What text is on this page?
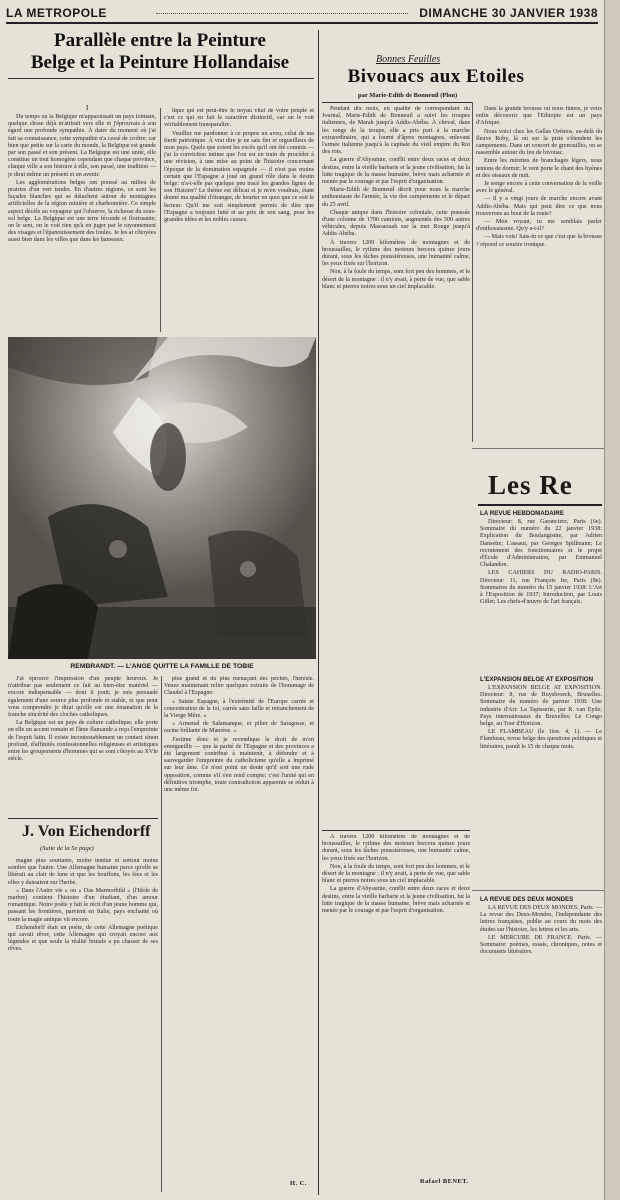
LA METROPOLE	DIMANCHE 30 JANVIER 1938
Parallèle entre la Peinture
Belge et la Peinture Hollandaise
I

Du temps où la Belgique m'apparaissait un pays lointain, quelque chose déjà m'attirait vers elle et j'éprouvais à son égard une profonde sympathie. À dater du moment où j'ai fait sa connaissance, cette sympathie n'a cessé de croître; car bien que petite sur la carte du monde, la Belgique est grande par son passé et son présent. La Belgique est une unité, elle constitue un tout homogène cependant que chaque province, chaque ville a son histoire à elle, son passé, une tradition — je dirai même un présent et un avenir.

Les agglomérations belges ont poussé au milieu de prairies d'un vert tendre. En d'autres régions, ce sont les façades blanches qui se détachent autour de montagnes artificielles de la région minière et charbonnière. Ce simple aspect décèle au voyageur qui l'observe, la richesse du sous-sol belge. La Belgique est une terre féconde et florissante; on le sent, on le voit rien qu'à en juger par le rayonnement des visages et l'épanouissement des foules. Je les ai côtoyées aussi bien dans les villes que dans les hameaux.

lique qui est peut-être le noyau vital de votre peuple et c'est ce qui en fait le caractère distinctif, car on le voit véritablement transparaître.

Veuillez me pardonner à ce propos un aveu, celui de ma fierté patriotique. À vrai dire je ne sais fier et orgueilleux de mon pays. Quels que soient les excès qu'il ont été commis — j'ai la conviction intime que l'on est en train de procéder à une révision, à une mise au point de l'histoire concernant l'époque de la domination espagnole — il n'est pas moins certain que l'Espagne a joué un grand rôle dans le destin belge: n'a-t-elle pas quelque peu tracé les grandes lignes de son Histoire? Le thème est délicat et je m'en voudrais, étant donné ma qualité d'étranger, de heurter en quoi que ce soit le lecteur. Qu'il me soit simplement permis de dire que l'Espagne a toujours lutté et au prix de son sang, pour les grandes idées et les nobles causes.

REMBRANDT. — L'ANGE QUITTE LA FAMILLE DE TOBIE

J'ai éprouvé l'impression d'un peuple heureux. Je n'attribue pas seulement ce fait au bien-être matériel — encore indispensable — dont il jouit; je suis persuadé également d'une source plus profonde et stable, et que pour vous comprendre je dirai qu'elle est une émanation de la franche sincérité des cloches catholiques.

La Belgique est un pays de culture catholique; elle porte en elle un accent romain et l'âme flamande a reçu l'empreinte de l'esprit latin. Il existe incontestablement un contact sinon profond, d'affinités confessionnelles religieuses et artistiques entre les groupements d'hommes qui se sont côtoyés au XVIe siècle.

plus grand et du plus menaçant des péchés, l'hérésie. Venez maintenant relire quelques extraits de l'hommage de Claudel à l'Espagne:

« Sainte Espagne, à l'extrémité de l'Europe carrée et concentration de la foi, carrée sans faille et retranchement de la Vierge Mère. »

« Armenal de Salamanque, et pilier de Saragosse, et racine brûlante de Manrèse. »

J'estime donc et je revendique le droit de m'en enorgueillir — que la parité de l'Espagne et des provinces a été largement contribué à maintenir, à défendre et à sauvegarder l'empreinte du catholicisme qu'elle a imprimé sur leur âme. Ce n'est point un doute qu'il soit une rude opposition, comme s'il s'en rend compte: c'est l'unité qui en définitive triomphe, toute contradiction apparente se réduit à une même foi.

H. C.
J. Von Eichendorff
(Suite de la 5e page)

magne plus souriante, moins tendue et surtout moins sombre que l'autre. Une Allemagne humaine parce qu'elle se libérait au clair de lune et que les bouffons, les fées et les elfes y dansaient sur l'herbe.

« Dans l'Autre vie » ou « Das Marmorbild » (l'Idole de marbre) contient l'histoire d'un étudiant, d'un amour romantique. Notre poète y fait le récit d'un jeune homme qui, passant les frontières, parvient en Italie, pays enchanté où toute la magie antique vit encore.

Eichendorff était un poète, de cette Allemagne poétique qui savait rêver, cette Allemagne qui croyait encore aux légendes et que seule la réalité brutale a pu chasser de ses rêves.

Bonnes Feuilles
Bivouacs aux Etoiles
par Marie-Edith de Bonneuil (Plon)

Pendant dix mois, en qualité de correspondant du Journal, Marie-Edith de Bonneuil a suivi les troupes italiennes, de Marah jusqu'à Addis-Abéba. À cheval, dans les rangs de la troupe, elle a pris part à la marche extraordinaire, qui a fourni d'âpres montagnes, enlevant l'armée italienne jusqu'à la capitale du vieil empire du Roi des rois.

La guerre d'Abyssinie, conflit entre deux races et deux destins, entre la vieille barbarie et la jeune civilisation, fut la lutte tragique de la masse humaine, brève mais acharnée et menée par le courage et par l'esprit d'organisation.

Marie-Edith de Bonneuil décrit pour nous la marche enthousiaste de l'armée, la vie des campements et le départ du 25 avril.

Chaque unique dans l'histoire coloniale, cette poussée d'une colonne de 1700 camions, augmentés des 500 autres véhicules, depuis Massaouah sur la mer Rouge jusqu'à Addis-Abéba.

À travers 1200 kilomètres de montagnes et de broussailles, le rythme des moteurs bercera quinze jours durant, sous les tâches poussiéreuses, une humanité calme, les yeux fixés sur l'horizon.

Non, à la foule du temps, sont fort peu des hommes, et le désert de la montagne : il n'y avait, à perte de vue, que sable blanc et pierres noires sous un ciel implacable.

Dans la grande brousse où nous fûmes, je veux enfin découvrir que l'Ethiopie est un pays d'Afrique.

Nous voici chez les Gallas Orémos, au-delà du fleuve Roby, là où sur la piste s'étendent les campements. Dans un concert de grenouilles, on se rassemble autour du feu de bivouac.

Entre les mirettes de branchages légers, nous tentons de dormir; le vent porte le chant des hyènes et des oiseaux de nuit.

Je songe encore à cette conversation de la veille avec le général.

— Il y a vingt jours de marche encore avant Addis-Abéba. Mais qui peut dire ce que nous trouverons au bout de la route?

— Mon voyant, tu me semblais parler d'enthousiasme. Qu'y a-t-il?

— Mais vois! Sais-tu ce que c'est que la brousse ? répond ce sourire ironique.

À travers 1200 kilomètres de montagnes et de broussailles, le rythme des moteurs bercera quinze jours durant, sous les tâches poussiéreuses, une humanité calme, les yeux fixés sur l'horizon.

Non, à la foule du temps, sont fort peu des hommes, et le désert de la montagne : il n'y avait, à perte de vue, que sable blanc et pierres noires sous un ciel implacable.

La guerre d'Abyssinie, conflit entre deux races et deux destins, entre la vieille barbarie et la jeune civilisation, fut la lutte tragique de la masse humaine, brève mais acharnée et menée par le courage et par l'esprit d'organisation.

Rafael BENET.
Les Re
LA REVUE HEBDOMADAIRE

Directeur: 8, rue Garancière, Paris (6e). Sommaire du numéro du 22 janvier 1938: Explication du Boulangisme, par Adrien Dansette; L'assaut, par Georges Spillmann; Le recrutement des fonctionnaires et le projet d'École d'Administration, par Emmanuel Chalandon.

LES CAHIERS DU RADIO-PARIS. Directeur: 11, rue François Ier, Paris (8e). Sommaires du numéro du 15 janvier 1938: L'Art à l'Exposition de 1937; Introduction, par Louis Gillet; Les chefs-d'œuvre de l'art français.

L'EXPANSION BELGE AT EXPOSITION

L'EXPANSION BELGE AT EXPOSITION. Directeur: 8, rue de Ruysbroeck, Bruxelles. Sommaire du numéro de janvier 1938: Une industrie d'Art: La Tapisserie, par R. van Eyde; Pays internationaux de Bruxelles; Le Congo belge, au Tour d'Horizon.

LE FLAMBEAU (le 1ère. 4, 1). — Le Flambeau, revue belge des questions politiques et littéraires, paraît le 15 de chaque mois.

LA REVUE DES DEUX MONDES

LA REVUE DES DEUX MONDES. Paris. — La revue des Deux-Mondes, l'indépendante des lettres françaises, publie au cours du mois des études sur l'histoire, les lettres et les arts.

LE MERCURE DE FRANCE. Paris. — Sommaire: poèmes, essais, chroniques, notes et documents littéraires.
